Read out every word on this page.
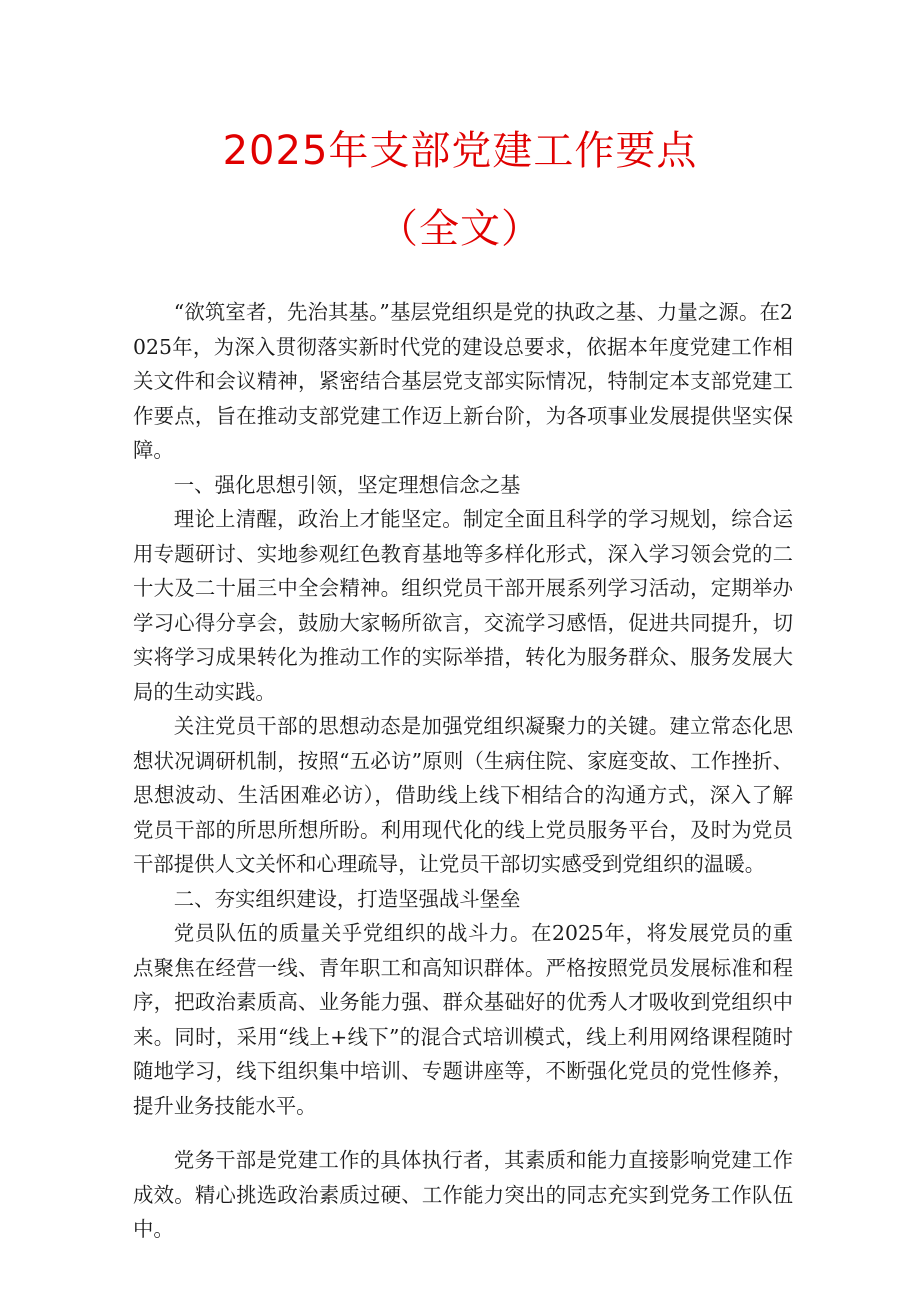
2025年支部党建工作要点
（全文）

“欲筑室者，先治其基。”基层党组织是党的执政之基、力量之源。在2025年，为深入贯彻落实新时代党的建设总要求，依据本年度党建工作相关文件和会议精神，紧密结合基层党支部实际情况，特制定本支部党建工作要点，旨在推动支部党建工作迈上新台阶，为各项事业发展提供坚实保障。

一、强化思想引领，坚定理想信念之基

理论上清醒，政治上才能坚定。制定全面且科学的学习规划，综合运用专题研讨、实地参观红色教育基地等多样化形式，深入学习领会党的二十大及二十届三中全会精神。组织党员干部开展系列学习活动，定期举办学习心得分享会，鼓励大家畅所欲言，交流学习感悟，促进共同提升，切实将学习成果转化为推动工作的实际举措，转化为服务群众、服务发展大局的生动实践。

关注党员干部的思想动态是加强党组织凝聚力的关键。建立常态化思想状况调研机制，按照“五必访”原则（生病住院、家庭变故、工作挫折、思想波动、生活困难必访），借助线上线下相结合的沟通方式，深入了解党员干部的所思所想所盼。利用现代化的线上党员服务平台，及时为党员干部提供人文关怀和心理疏导，让党员干部切实感受到党组织的温暖。

二、夯实组织建设，打造坚强战斗堡垒

党员队伍的质量关乎党组织的战斗力。在2025年，将发展党员的重点聚焦在经营一线、青年职工和高知识群体。严格按照党员发展标准和程序，把政治素质高、业务能力强、群众基础好的优秀人才吸收到党组织中来。同时，采用“线上+线下”的混合式培训模式，线上利用网络课程随时随地学习，线下组织集中培训、专题讲座等，不断强化党员的党性修养，提升业务技能水平。

党务干部是党建工作的具体执行者，其素质和能力直接影响党建工作成效。精心挑选政治素质过硬、工作能力突出的同志充实到党务工作队伍中。
